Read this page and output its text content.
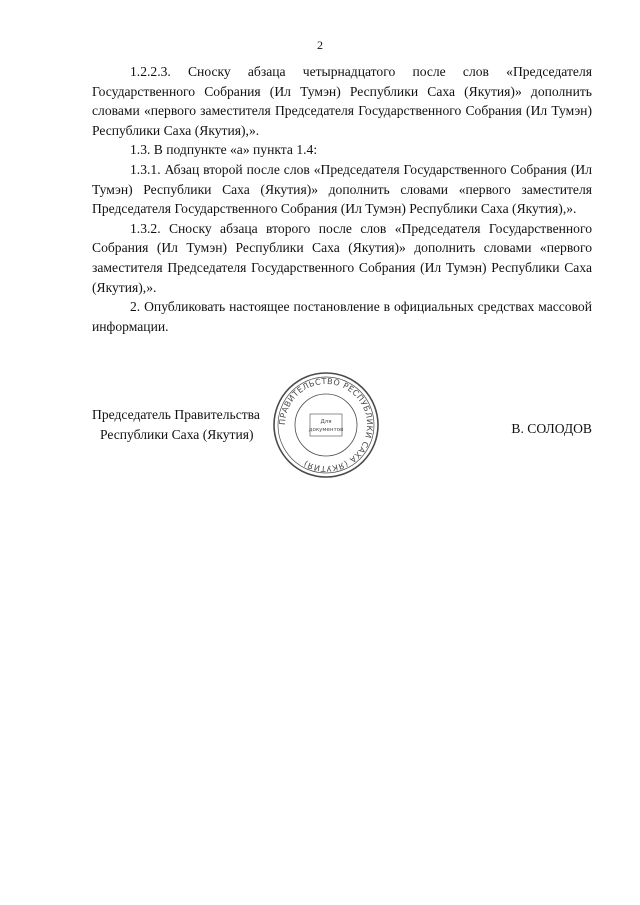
2

1.2.2.3. Сноску абзаца четырнадцатого после слов «Председателя Государственного Собрания (Ил Тумэн) Республики Саха (Якутия)» дополнить словами «первого заместителя Председателя Государственного Собрания (Ил Тумэн) Республики Саха (Якутия),».

1.3. В подпункте «а» пункта 1.4:

1.3.1. Абзац второй после слов «Председателя Государственного Собрания (Ил Тумэн) Республики Саха (Якутия)» дополнить словами «первого заместителя Председателя Государственного Собрания (Ил Тумэн) Республики Саха (Якутия),».

1.3.2. Сноску абзаца второго после слов «Председателя Государственного Собрания (Ил Тумэн) Республики Саха (Якутия)» дополнить словами «первого заместителя Председателя Государственного Собрания (Ил Тумэн) Республики Саха (Якутия),».

2. Опубликовать настоящее постановление в официальных средствах массовой информации.

ПРАВИТЕЛЬСТВО РЕСПУБЛИКИ САХА (ЯКУТИЯ)
Для
документов
Председатель Правительства
Республики Саха (Якутия)	В. СОЛОДОВ
